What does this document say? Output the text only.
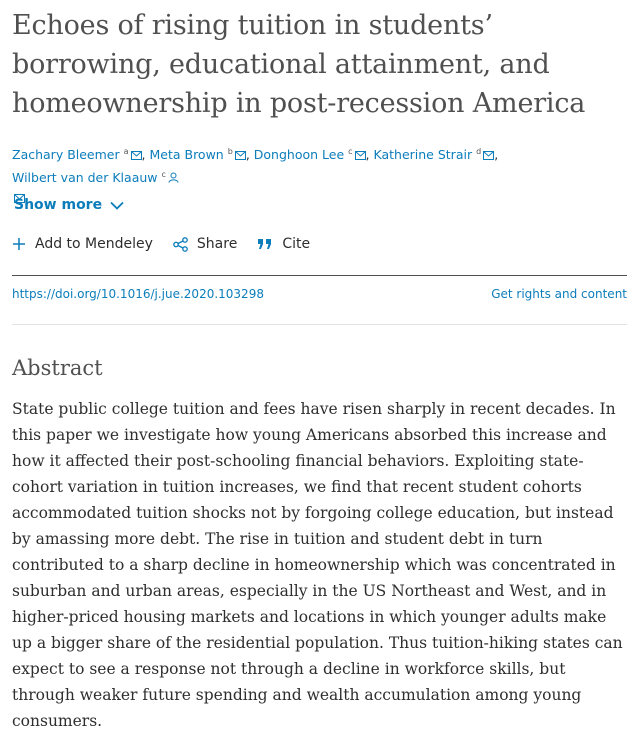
Echoes of rising tuition in students’ borrowing, educational attainment, and homeownership in post-recession America
Zachary Bleemer $^a$ , Meta Brown $^b$ , Donghoon Lee $^c$ , Katherine Strair $^d$ , Wilbert van der Klaauw $^c$

Show more
Add to Mendeley	Share	Cite
https://doi.org/10.1016/j.jue.2020.103298	Get rights and content
Abstract

State public college tuition and fees have risen sharply in recent decades. In this paper we investigate how young Americans absorbed this increase and how it affected their post-schooling financial behaviors. Exploiting state-cohort variation in tuition increases, we find that recent student cohorts accommodated tuition shocks not by forgoing college education, but instead by amassing more debt. The rise in tuition and student debt in turn contributed to a sharp decline in homeownership which was concentrated in suburban and urban areas, especially in the US Northeast and West, and in higher-priced housing markets and locations in which younger adults make up a bigger share of the residential population. Thus tuition-hiking states can expect to see a response not through a decline in workforce skills, but through weaker future spending and wealth accumulation among young consumers.
